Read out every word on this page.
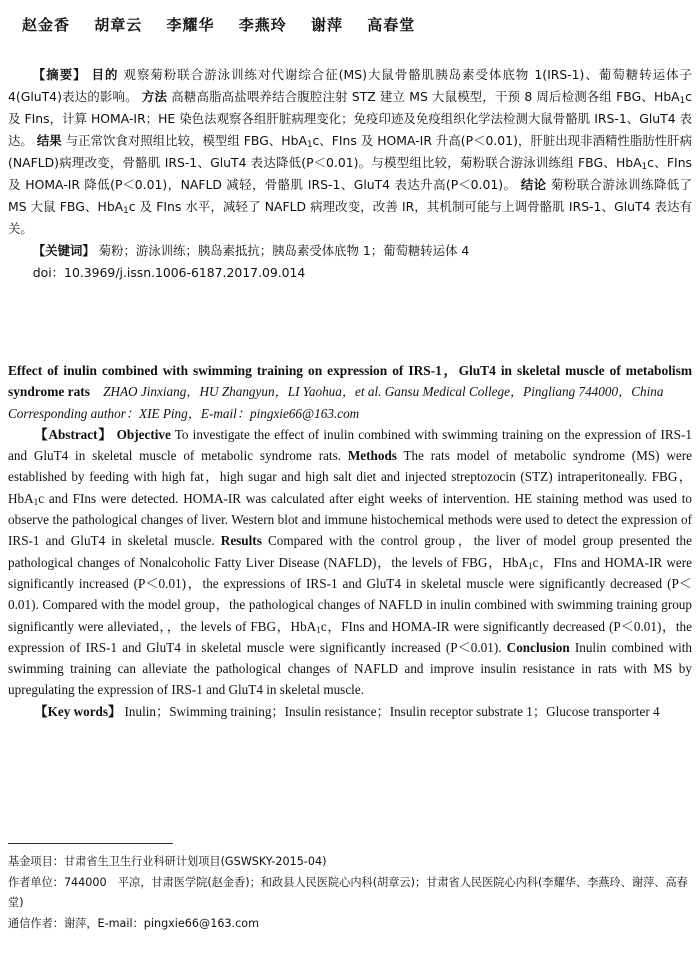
赵金香 胡章云 李耀华 李燕玲 谢萍 高春堂

【摘要】 目的 观察菊粉联合游泳训练对代谢综合征(MS)大鼠骨骼肌胰岛素受体底物 1(IRS-1)、葡萄糖转运体子 4(GluT4)表达的影响。 方法 高糖高脂高盐喂养结合腹腔注射 STZ 建立 MS 大鼠模型，干预 8 周后检测各组 FBG、HbA$_1$c 及 FIns，计算 HOMA-IR；HE 染色法观察各组肝脏病理变化；免疫印迹及免疫组织化学法检测大鼠骨骼肌 IRS-1、GluT4 表达。 结果 与正常饮食对照组比较，模型组 FBG、HbA$_1$c、FIns 及 HOMA-IR 升高(P＜0.01)，肝脏出现非酒精性脂肪性肝病(NAFLD)病理改变，骨骼肌 IRS-1、GluT4 表达降低(P＜0.01)。与模型组比较，菊粉联合游泳训练组 FBG、HbA$_1$c、FIns 及 HOMA-IR 降低(P＜0.01)，NAFLD 减轻，骨骼肌 IRS-1、GluT4 表达升高(P＜0.01)。 结论 菊粉联合游泳训练降低了 MS 大鼠 FBG、HbA$_1$c 及 FIns 水平，减轻了 NAFLD 病理改变，改善 IR，其机制可能与上调骨骼肌 IRS-1、GluT4 表达有关。

【关键词】 菊粉；游泳训练；胰岛素抵抗；胰岛素受体底物 1；葡萄糖转运体 4

doi：10.3969/j.issn.1006-6187.2017.09.014

Effect of inulin combined with swimming training on expression of IRS-1，GluT4 in skeletal muscle of metabolism syndrome rats　 ZHAO Jinxiang，HU Zhangyun，LI Yaohua，et al. Gansu Medical College，Pingliang 744000，China

Corresponding author：XIE Ping，E-mail：pingxie66@163.com

【Abstract】 Objective To investigate the effect of inulin combined with swimming training on the expression of IRS-1 and GluT4 in skeletal muscle of metabolic syndrome rats. Methods The rats model of metabolic syndrome (MS) were established by feeding with high fat，high sugar and high salt diet and injected streptozocin (STZ) intraperitoneally. FBG，HbA$_1$c and FIns were detected. HOMA-IR was calculated after eight weeks of intervention. HE staining method was used to observe the pathological changes of liver. Western blot and immune histochemical methods were used to detect the expression of IRS-1 and GluT4 in skeletal muscle. Results Compared with the control group，the liver of model group presented the pathological changes of Nonalcoholic Fatty Liver Disease (NAFLD)，the levels of FBG，HbA$_1$c，FIns and HOMA-IR were significantly increased (P＜0.01)，the expressions of IRS-1 and GluT4 in skeletal muscle were significantly decreased (P＜0.01). Compared with the model group，the pathological changes of NAFLD in inulin combined with swimming training group significantly were alleviated，，the levels of FBG，HbA$_1$c，FIns and HOMA-IR were significantly decreased (P＜0.01)，the expression of IRS-1 and GluT4 in skeletal muscle were significantly increased (P＜0.01). Conclusion Inulin combined with swimming training can alleviate the pathological changes of NAFLD and improve insulin resistance in rats with MS by upregulating the expression of IRS-1 and GluT4 in skeletal muscle.

【Key words】 Inulin；Swimming training；Insulin resistance；Insulin receptor substrate 1；Glucose transporter 4

基金项目：甘肃省生卫生行业科研计划项目(GSWSKY-2015-04)

作者单位：744000　平凉，甘肃医学院(赵金香)；和政县人民医院心内科(胡章云)；甘肃省人民医院心内科(李耀华、李燕玲、谢萍、高春堂)

通信作者：谢萍，E-mail：pingxie66@163.com
